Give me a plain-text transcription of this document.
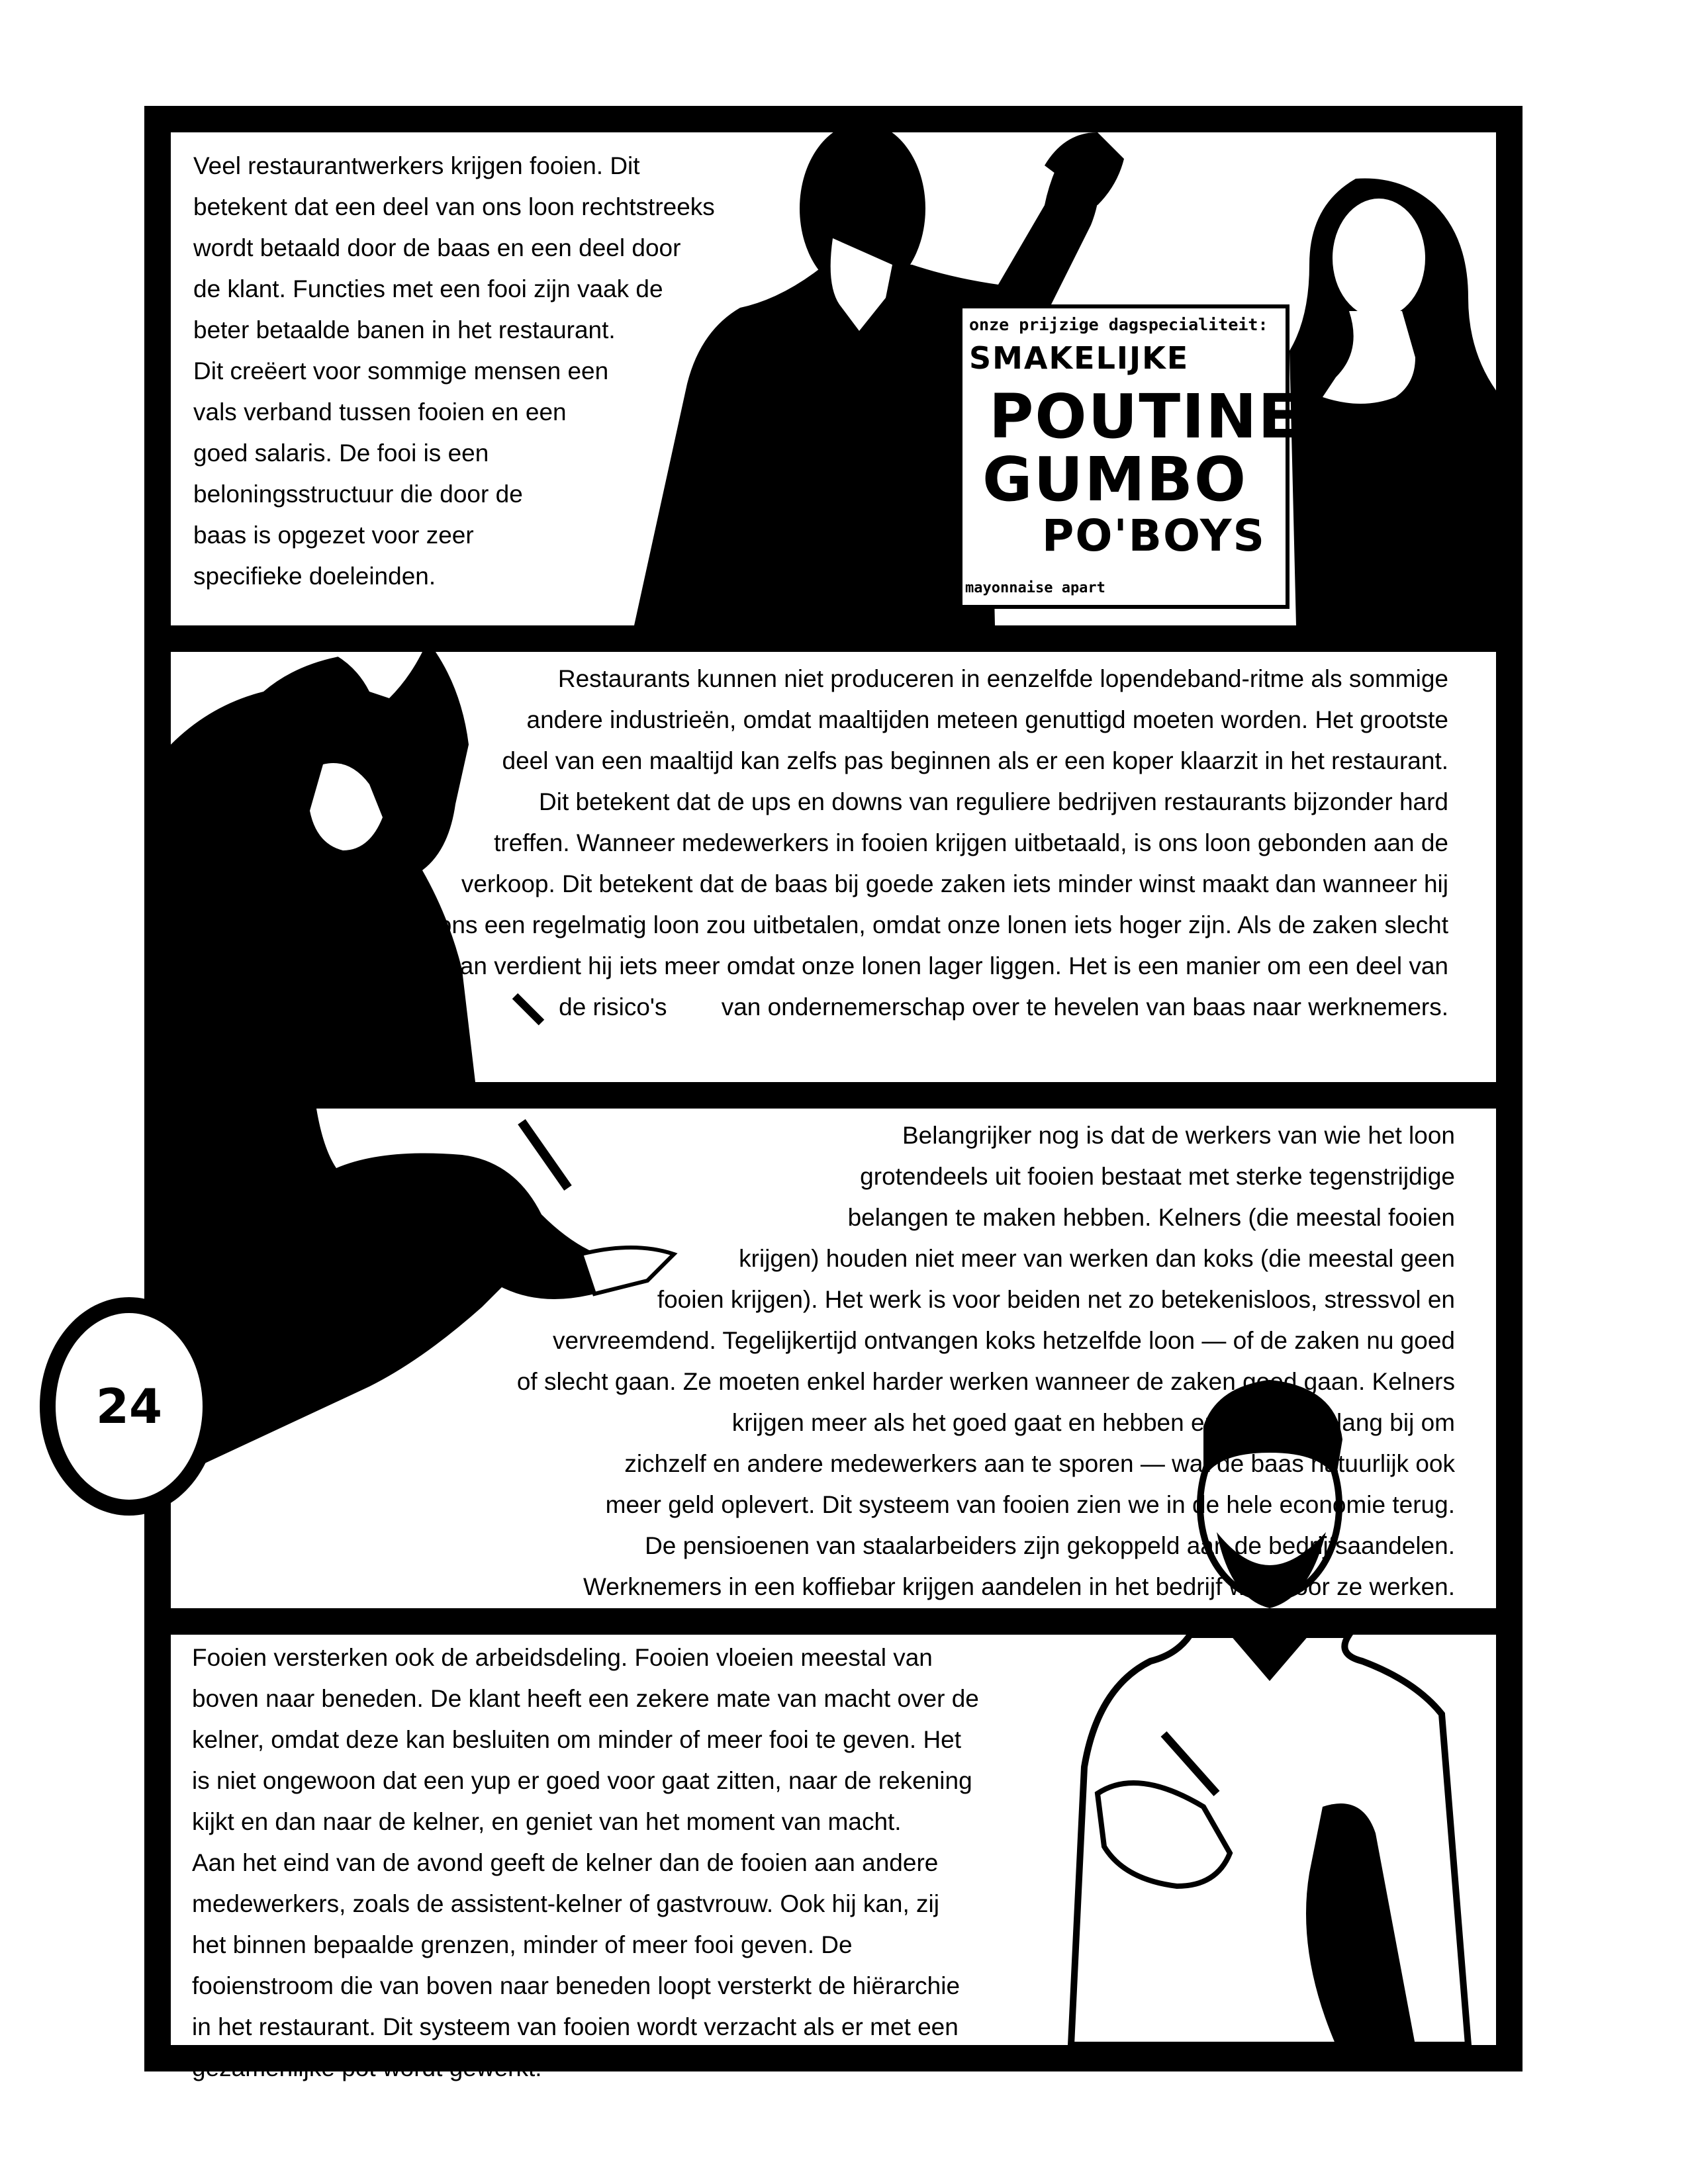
Veel restaurantwerkers krijgen fooien. Dit
betekent dat een deel van ons loon rechtstreeks
wordt betaald door de baas en een deel door
de klant. Functies met een fooi zijn vaak de
beter betaalde banen in het restaurant.
Dit creëert voor sommige mensen een
vals verband tussen fooien en een
goed salaris. De fooi is een
beloningsstructuur die door de
baas is opgezet voor zeer
specifieke doeleinden.

onze prijzige dagspecialiteit:
SMAKELIJKE
POUTINE
GUMBO
PO'BOYS
mayonnaise apart

Restaurants kunnen niet produceren in eenzelfde lopendeband-ritme als sommige
andere industrieën, omdat maaltijden meteen genuttigd moeten worden. Het grootste
deel van een maaltijd kan zelfs pas beginnen als er een koper klaarzit in het restaurant.
Dit betekent dat de ups en downs van reguliere bedrijven restaurants bijzonder hard
treffen. Wanneer medewerkers in fooien krijgen uitbetaald, is ons loon gebonden aan de
verkoop. Dit betekent dat de baas bij goede zaken iets minder winst maakt dan wanneer hij
ons een regelmatig loon zou uitbetalen, omdat onze lonen iets hoger zijn. Als de zaken slecht
gaan verdient hij iets meer omdat onze lonen lager liggen. Het is een manier om een deel van
de risico's        van ondernemerschap over te hevelen van baas naar werknemers.

Belangrijker nog is dat de werkers van wie het loon
grotendeels uit fooien bestaat met sterke tegenstrijdige
belangen te maken hebben. Kelners (die meestal fooien
krijgen) houden niet meer van werken dan koks (die meestal geen
fooien krijgen). Het werk is voor beiden net zo betekenisloos, stressvol en
vervreemdend. Tegelijkertijd ontvangen koks hetzelfde loon — of de zaken nu goed
of slecht gaan. Ze moeten enkel harder werken wanneer de zaken goed gaan. Kelners
krijgen meer als het goed gaat en hebben er daarom belang bij om
zichzelf en andere medewerkers aan te sporen — wat de baas natuurlijk ook
meer geld oplevert. Dit systeem van fooien zien we in de hele economie terug.
De pensioenen van staalarbeiders zijn gekoppeld aan de bedrijfsaandelen.
Werknemers in een koffiebar krijgen aandelen in het bedrijf waarvoor ze werken.

Fooien versterken ook de arbeidsdeling. Fooien vloeien meestal van
boven naar beneden. De klant heeft een zekere mate van macht over de
kelner, omdat deze kan besluiten om minder of meer fooi te geven. Het
is niet ongewoon dat een yup er goed voor gaat zitten, naar de rekening
kijkt en dan naar de kelner, en geniet van het moment van macht.
Aan het eind van de avond geeft de kelner dan de fooien aan andere
medewerkers, zoals de assistent-kelner of gastvrouw. Ook hij kan, zij
het binnen bepaalde grenzen, minder of meer fooi geven. De
fooienstroom die van boven naar beneden loopt versterkt de hiërarchie
in het restaurant. Dit systeem van fooien wordt verzacht als er met een
gezamenlijke pot wordt gewerkt.

24
